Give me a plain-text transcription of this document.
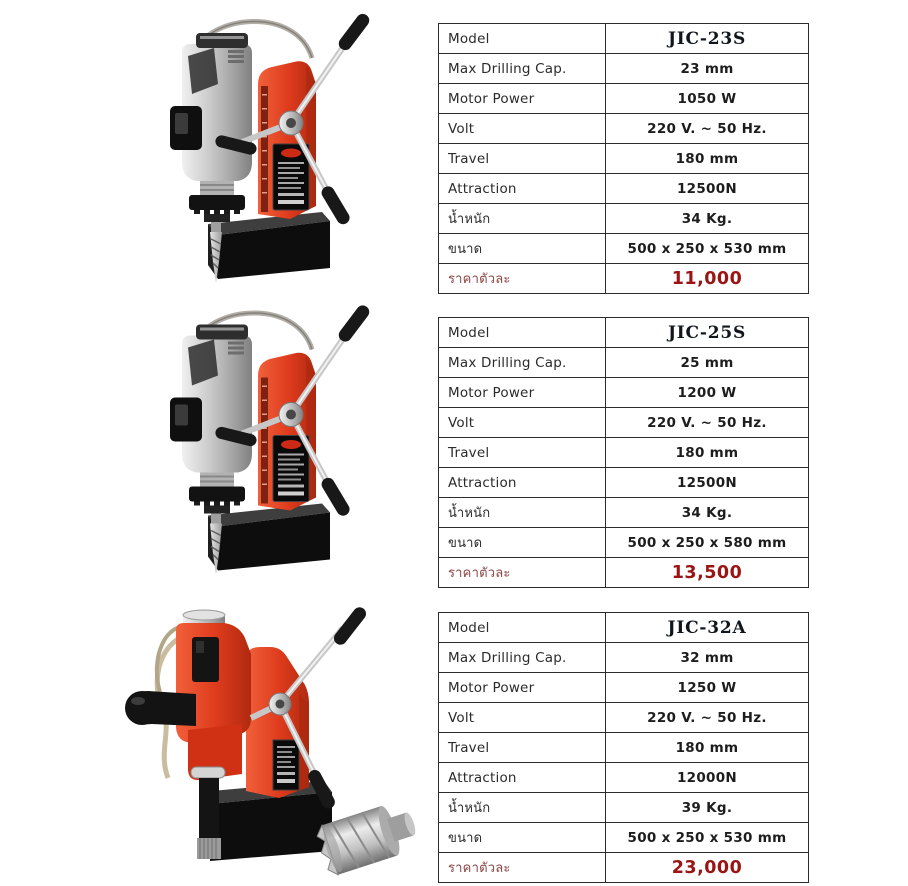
Model	JIC-23S
Max Drilling Cap.	23 mm
Motor Power	1050 W
Volt	220 V. ~ 50 Hz.
Travel	180 mm
Attraction	12500N
น้ำหนัก	34 Kg.
ขนาด	500 x 250 x 530 mm
ราคาตัวละ	11,000
Model	JIC-25S
Max Drilling Cap.	25 mm
Motor Power	1200 W
Volt	220 V. ~ 50 Hz.
Travel	180 mm
Attraction	12500N
น้ำหนัก	34 Kg.
ขนาด	500 x 250 x 580 mm
ราคาตัวละ	13,500
Model	JIC-32A
Max Drilling Cap.	32 mm
Motor Power	1250 W
Volt	220 V. ~ 50 Hz.
Travel	180 mm
Attraction	12000N
น้ำหนัก	39 Kg.
ขนาด	500 x 250 x 530 mm
ราคาตัวละ	23,000
